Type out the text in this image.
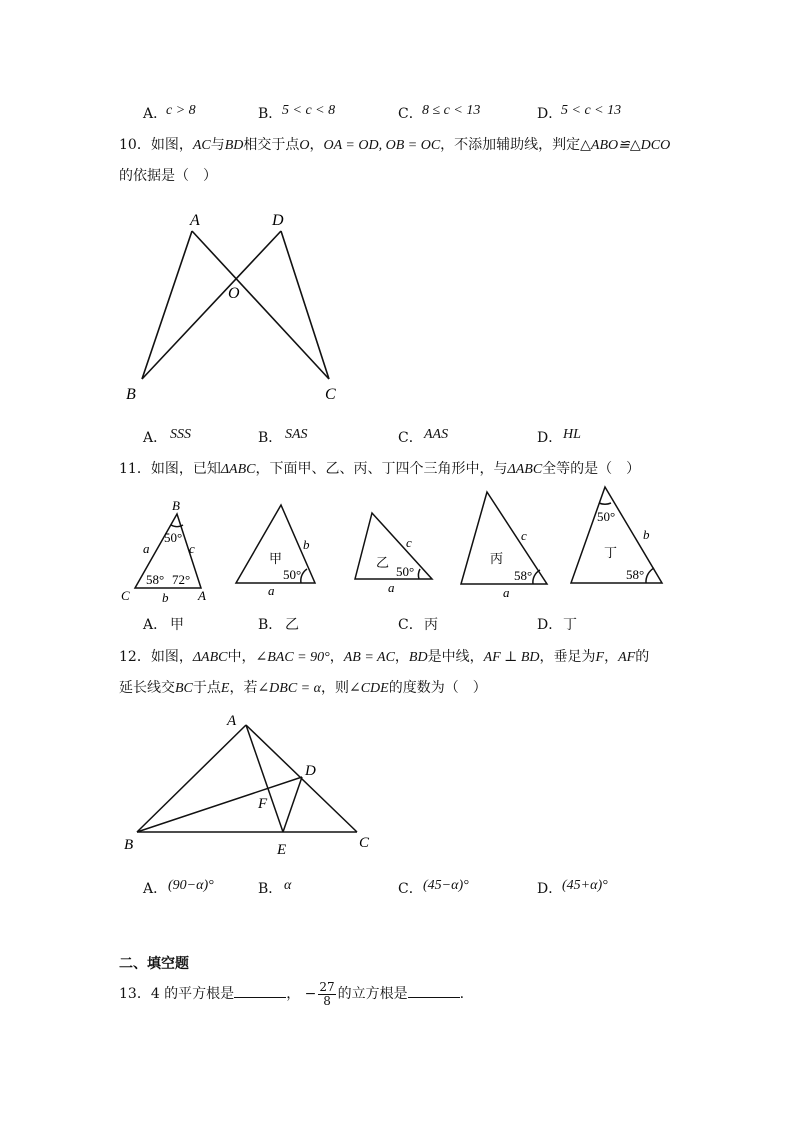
A．
c > 8	B． 5 < c < 8	C． 8 ≤ c < 13	D．
5 < c < 13
10．如图，AC与BD相交于点O，OA = OD, OB = OC，不添加辅助线，判定△ABO≌△DCO
的依据是（　）
A	D
O
B	C
A． SSS	B． SAS	C． AAS	D． HL
11．如图，已知ΔABC，下面甲、乙、丙、丁四个三角形中，与ΔABC全等的是（　）
B
C	A
a	c
b
50°
58° 72°
甲
b
a
50°
乙
c
a
50°
丙
c
a
58°
丁
b
50°
58°
A． 甲	B． 乙	C． 丙	D． 丁
12．如图，ΔABC中，∠BAC = 90°，AB = AC，BD是中线，AF ⊥ BD，垂足为F，AF的
延长线交BC于点E，若∠DBC = α，则∠CDE的度数为（　）
A
D
F
B	E	C
A． (90−α)°	B． α	C． (45−α)°	D． (45+α)°
二、填空题
13．4 的平方根是	， − $\frac{27}{8}$ 的立方根是	.
